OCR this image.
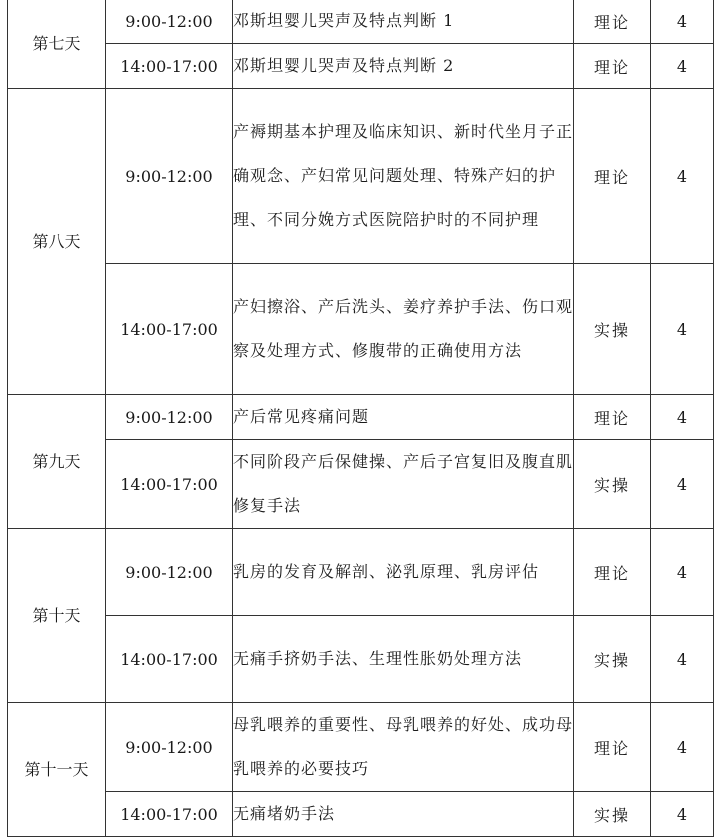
第七天	9:00-12:00	邓斯坦婴儿哭声及特点判断 1	理论	4
	14:00-17:00	邓斯坦婴儿哭声及特点判断 2	理论	4
第八天	9:00-12:00	产褥期基本护理及临床知识、新时代坐月子正确观念、产妇常见问题处理、特殊产妇的护理、不同分娩方式医院陪护时的不同护理	理论	4
	14:00-17:00	产妇擦浴、产后洗头、姜疗养护手法、伤口观察及处理方式、修腹带的正确使用方法	实操	4
第九天	9:00-12:00	产后常见疼痛问题	理论	4
	14:00-17:00	不同阶段产后保健操、产后子宫复旧及腹直肌修复手法	实操	4
第十天	9:00-12:00	乳房的发育及解剖、泌乳原理、乳房评估	理论	4
	14:00-17:00	无痛手挤奶手法、生理性胀奶处理方法	实操	4
第十一天	9:00-12:00	母乳喂养的重要性、母乳喂养的好处、成功母乳喂养的必要技巧	理论	4
	14:00-17:00	无痛堵奶手法	实操	4
